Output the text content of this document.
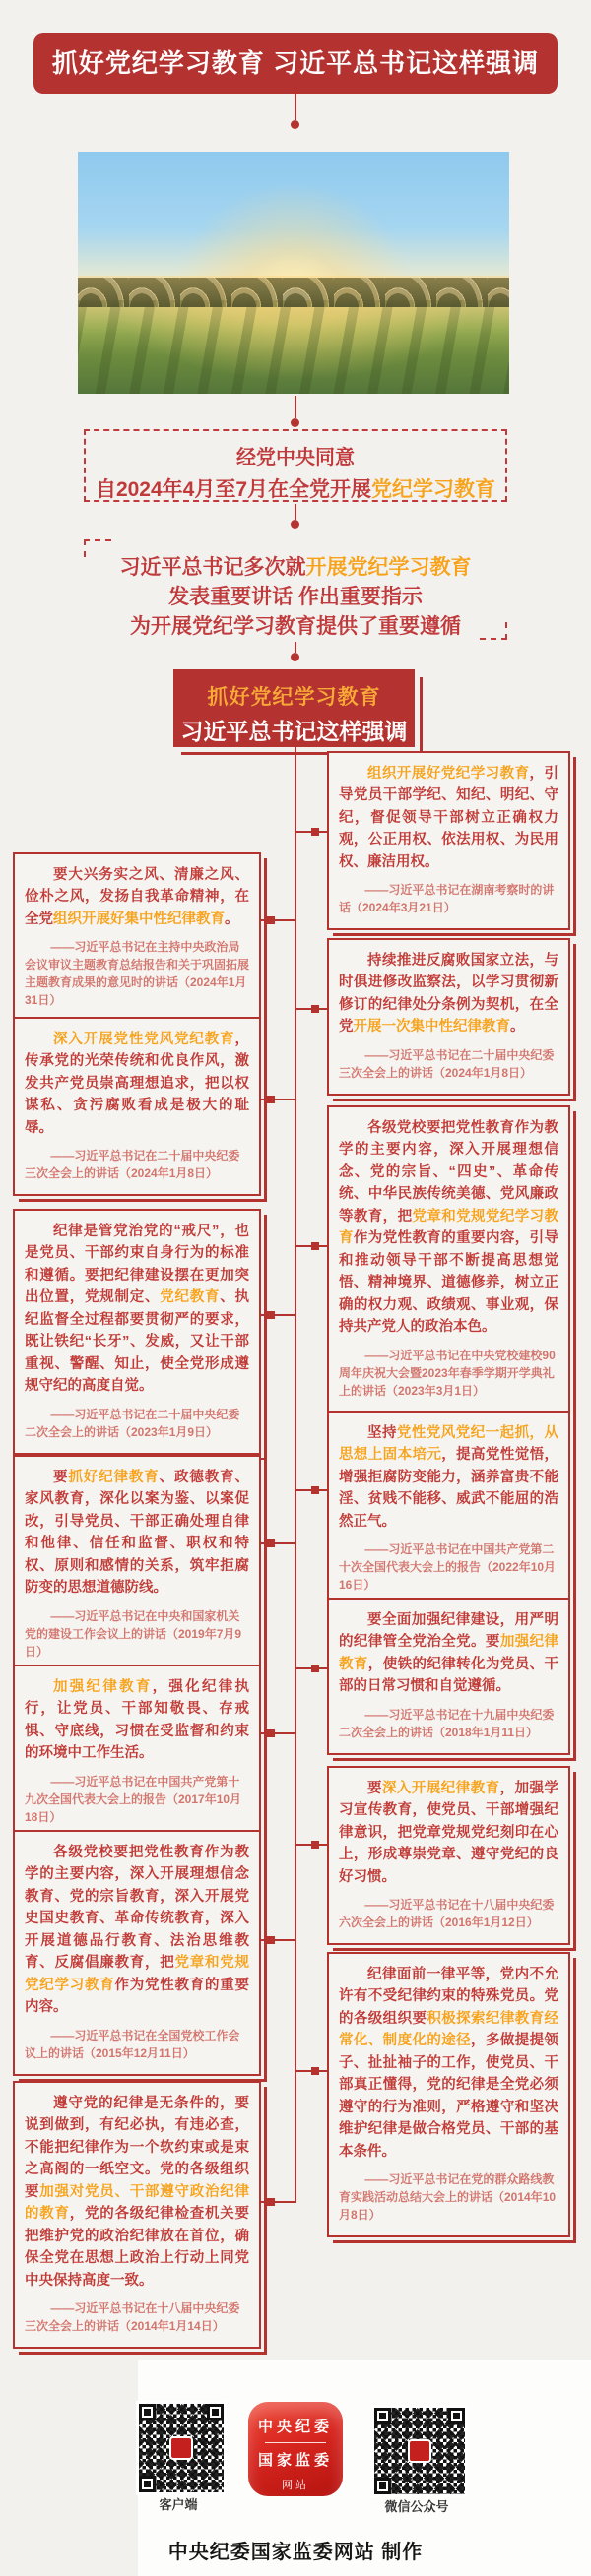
抓好党纪学习教育 习近平总书记这样强调
经党中央同意
自2024年4月至7月在全党开展党纪学习教育
习近平总书记多次就开展党纪学习教育
发表重要讲话 作出重要指示
为开展党纪学习教育提供了重要遵循
抓好党纪学习教育
习近平总书记这样强调

组织开展好党纪学习教育，引导党员干部学纪、知纪、明纪、守纪，督促领导干部树立正确权力观，公正用权、依法用权、为民用权、廉洁用权。

——习近平总书记在湖南考察时的讲话（2024年3月21日）

要大兴务实之风、清廉之风、俭朴之风，发扬自我革命精神，在全党组织开展好集中性纪律教育。

——习近平总书记在主持中央政治局会议审议主题教育总结报告和关于巩固拓展主题教育成果的意见时的讲话（2024年1月31日）

持续推进反腐败国家立法，与时俱进修改监察法，以学习贯彻新修订的纪律处分条例为契机，在全党开展一次集中性纪律教育。

——习近平总书记在二十届中央纪委三次全会上的讲话（2024年1月8日）

深入开展党性党风党纪教育，传承党的光荣传统和优良作风，激发共产党员崇高理想追求，把以权谋私、贪污腐败看成是极大的耻辱。

——习近平总书记在二十届中央纪委三次全会上的讲话（2024年1月8日）

各级党校要把党性教育作为教学的主要内容，深入开展理想信念、党的宗旨、“四史”、革命传统、中华民族传统美德、党风廉政等教育，把党章和党规党纪学习教育作为党性教育的重要内容，引导和推动领导干部不断提高思想觉悟、精神境界、道德修养，树立正确的权力观、政绩观、事业观，保持共产党人的政治本色。

——习近平总书记在中央党校建校90周年庆祝大会暨2023年春季学期开学典礼上的讲话（2023年3月1日）

纪律是管党治党的“戒尺”，也是党员、干部约束自身行为的标准和遵循。要把纪律建设摆在更加突出位置，党规制定、党纪教育、执纪监督全过程都要贯彻严的要求，既让铁纪“长牙”、发威，又让干部重视、警醒、知止，使全党形成遵规守纪的高度自觉。

——习近平总书记在二十届中央纪委二次全会上的讲话（2023年1月9日）	坚持党性党风党纪一起抓，从思想上固本培元，提高党性觉悟，增强拒腐防变能力，涵养富贵不能淫、贫贱不能移、威武不能屈的浩然正气。

——习近平总书记在中国共产党第二十次全国代表大会上的报告（2022年10月16日）

要抓好纪律教育、政德教育、家风教育，深化以案为鉴、以案促改，引导党员、干部正确处理自律和他律、信任和监督、职权和特权、原则和感情的关系，筑牢拒腐防变的思想道德防线。

——习近平总书记在中央和国家机关党的建设工作会议上的讲话（2019年7月9日）

要全面加强纪律建设，用严明的纪律管全党治全党。要加强纪律教育，使铁的纪律转化为党员、干部的日常习惯和自觉遵循。

——习近平总书记在十九届中央纪委二次全会上的讲话（2018年1月11日）

加强纪律教育，强化纪律执行，让党员、干部知敬畏、存戒惧、守底线，习惯在受监督和约束的环境中工作生活。

——习近平总书记在中国共产党第十九次全国代表大会上的报告（2017年10月18日）

要深入开展纪律教育，加强学习宣传教育，使党员、干部增强纪律意识，把党章党规党纪刻印在心上，形成尊崇党章、遵守党纪的良好习惯。

——习近平总书记在十八届中央纪委六次全会上的讲话（2016年1月12日）

各级党校要把党性教育作为教学的主要内容，深入开展理想信念教育、党的宗旨教育，深入开展党史国史教育、革命传统教育，深入开展道德品行教育、法治思维教育、反腐倡廉教育，把党章和党规党纪学习教育作为党性教育的重要内容。

——习近平总书记在全国党校工作会议上的讲话（2015年12月11日）

纪律面前一律平等，党内不允许有不受纪律约束的特殊党员。党的各级组织要积极探索纪律教育经常化、制度化的途径，多做提提领子、扯扯袖子的工作，使党员、干部真正懂得，党的纪律是全党必须遵守的行为准则，严格遵守和坚决维护纪律是做合格党员、干部的基本条件。

——习近平总书记在党的群众路线教育实践活动总结大会上的讲话（2014年10月8日）

遵守党的纪律是无条件的，要说到做到，有纪必执，有违必查，不能把纪律作为一个软约束或是束之高阁的一纸空文。党的各级组织要加强对党员、干部遵守政治纪律的教育，党的各级纪律检查机关要把维护党的政治纪律放在首位，确保全党在思想上政治上行动上同党中央保持高度一致。

——习近平总书记在十八届中央纪委三次全会上的讲话（2014年1月14日）

客户端
中央纪委
国家监委
网站
微信公众号
中央纪委国家监委网站 制作
